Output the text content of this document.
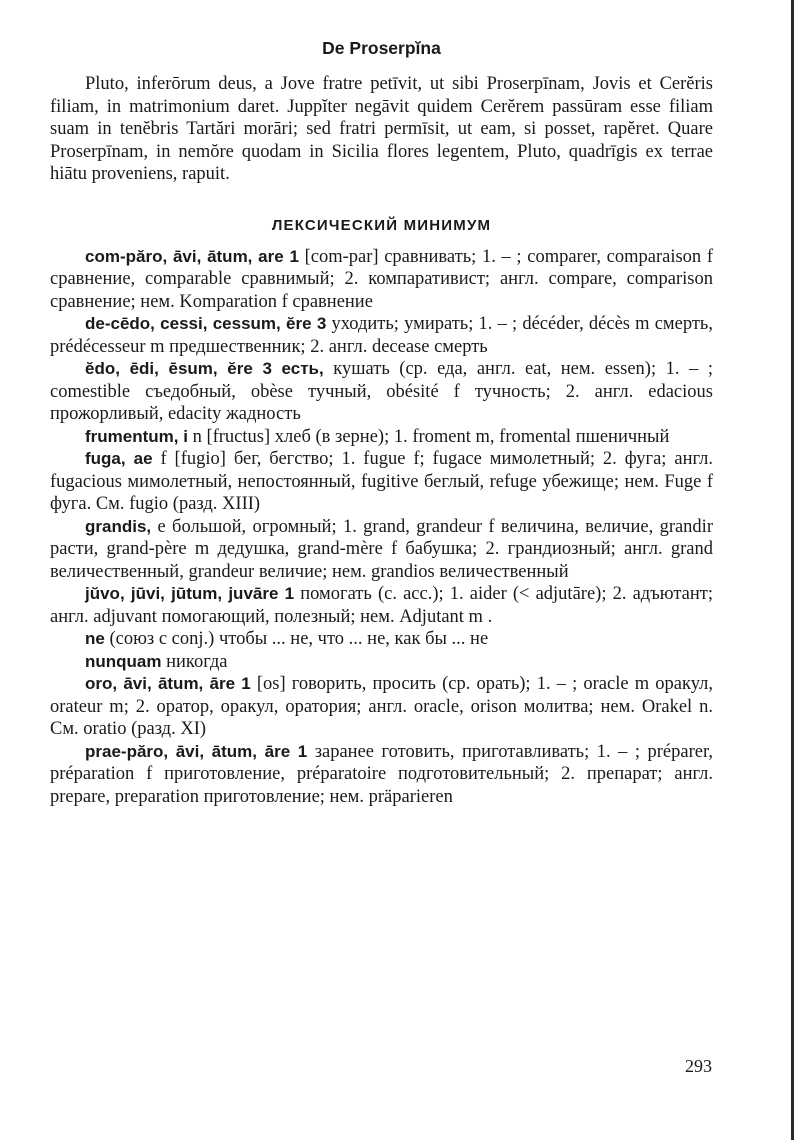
De Proserpĭna

Pluto, inferōrum deus, a Jove fratre petīvit, ut sibi Proserpīnam, Jovis et Cerĕris filiam, in matrimonium daret. Juppĭter negāvit quidem Cerĕrem passūram esse filiam suam in tenĕbris Tartări morāri; sed fratri permīsit, ut eam, si posset, rapĕret. Quare Proserpīnam, in nemŏre quodam in Sicilia flores legentem, Pluto, quadrīgis ex terrae hiātu proveniens, rapuit.

ЛЕКСИЧЕСКИЙ МИНИМУМ

com-păro, āvi, ātum, are 1 [com-par] сравнивать; 1. – ; comparer, comparaison f сравнение, comparable сравнимый; 2. компаративист; англ. compare, comparison сравнение; нем. Komparation f сравнение

de-cēdo, cessi, cessum, ĕre 3 уходить; умирать; 1. – ; décéder, décès m смерть, prédécesseur m предшественник; 2. англ. decease смерть

ĕdo, ēdi, ēsum, ĕre 3 есть, кушать (ср. еда, англ. eat, нем. essen); 1. – ; comestible съедобный, obèse тучный, obésité f тучность; 2. англ. edacious прожорливый, edacity жадность

frumentum, i n [fructus] хлеб (в зерне); 1. froment m, fromental пшеничный

fuga, ae f [fugio] бег, бегство; 1. fugue f; fugace мимолетный; 2. фуга; англ. fugacious мимолетный, непостоянный, fugitive беглый, refuge убежище; нем. Fuge f фуга. См. fugio (разд. XIII)

grandis, e большой, огромный; 1. grand, grandeur f величина, величие, grandir расти, grand-père m дедушка, grand-mère f бабушка; 2. грандиозный; англ. grand величественный, grandeur величие; нем. grandios величественный

jŭvo, jūvi, jūtum, juvāre 1 помогать (с. acc.); 1. aider (< adjutāre); 2. адъютант; англ. adjuvant помогающий, полезный; нем. Adjutant m .

ne (союз с conj.) чтобы ... не, что ... не, как бы ... не

nunquam никогда

oro, āvi, ātum, āre 1 [os] говорить, просить (ср. орать); 1. – ; oracle m оракул, orateur m; 2. оратор, оракул, оратория; англ. oracle, orison молитва; нем. Orakel n. См. oratio (разд. XI)

prae-păro, āvi, ātum, āre 1 заранее готовить, приготавливать; 1. – ; préparer, préparation f приготовление, préparatoire подготовительный; 2. препарат; англ. prepare, preparation приготовление; нем. präparieren

293
